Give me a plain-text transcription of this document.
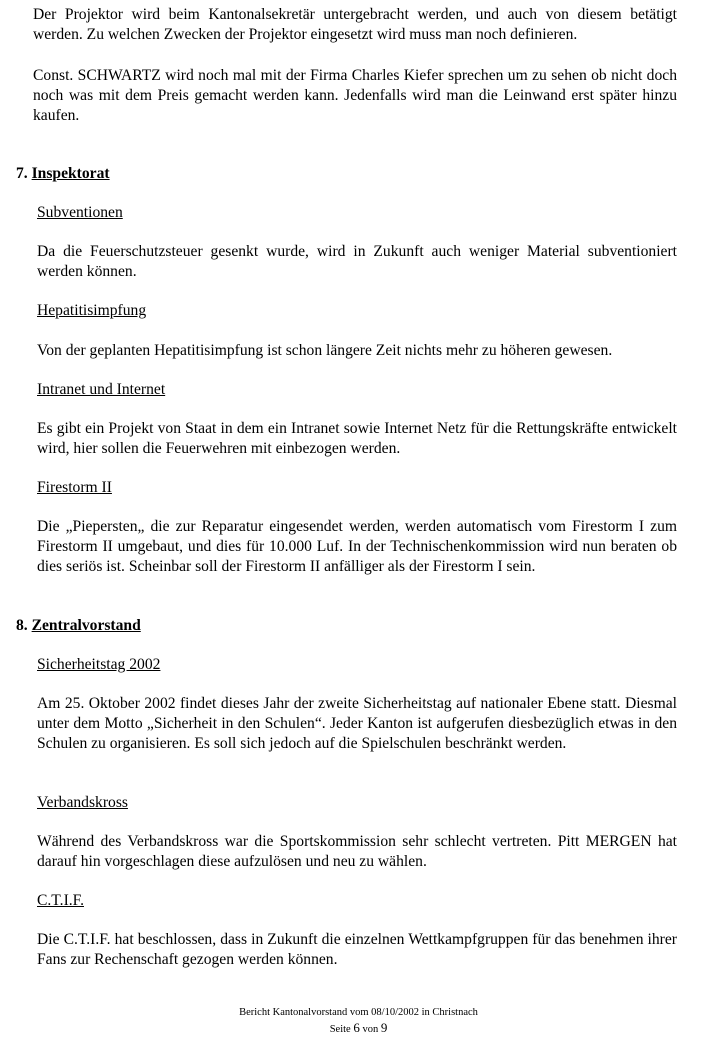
Der Projektor wird beim Kantonalsekretär untergebracht werden, und auch von diesem betätigt werden. Zu welchen Zwecken der Projektor eingesetzt wird muss man noch definieren.
Const. SCHWARTZ wird noch mal mit der Firma Charles Kiefer sprechen um zu sehen ob nicht doch noch was mit dem Preis gemacht werden kann. Jedenfalls wird man die Leinwand erst später hinzu kaufen.
7. Inspektorat
Subventionen
Da die Feuerschutzsteuer gesenkt wurde, wird in Zukunft auch weniger Material subventioniert werden können.
Hepatitisimpfung
Von der geplanten Hepatitisimpfung ist schon längere Zeit nichts mehr zu höheren gewesen.
Intranet und Internet
Es gibt ein Projekt von Staat in dem ein Intranet sowie Internet Netz für die Rettungskräfte entwickelt wird, hier sollen die Feuerwehren mit einbezogen werden.
Firestorm II
Die „Piepersten„ die zur Reparatur eingesendet werden, werden automatisch vom Firestorm I zum Firestorm II umgebaut, und dies für 10.000 Luf. In der Technischenkommission wird nun beraten ob dies seriös ist. Scheinbar soll der Firestorm II anfälliger als der Firestorm I sein.
8. Zentralvorstand
Sicherheitstag 2002
Am 25. Oktober 2002 findet dieses Jahr der zweite Sicherheitstag auf nationaler Ebene statt. Diesmal unter dem Motto „Sicherheit in den Schulen“. Jeder Kanton ist aufgerufen diesbezüglich etwas in den Schulen zu organisieren. Es soll sich jedoch auf die Spielschulen beschränkt werden.
Verbandskross
Während des Verbandskross war die Sportskommission sehr schlecht vertreten. Pitt MERGEN hat darauf hin vorgeschlagen diese aufzulösen und neu zu wählen.
C.T.I.F.
Die C.T.I.F. hat beschlossen, dass in Zukunft die einzelnen Wettkampfgruppen für das benehmen ihrer Fans zur Rechenschaft gezogen werden können.
Bericht Kantonalvorstand vom 08/10/2002 in Christnach
Seite 6 von 9
